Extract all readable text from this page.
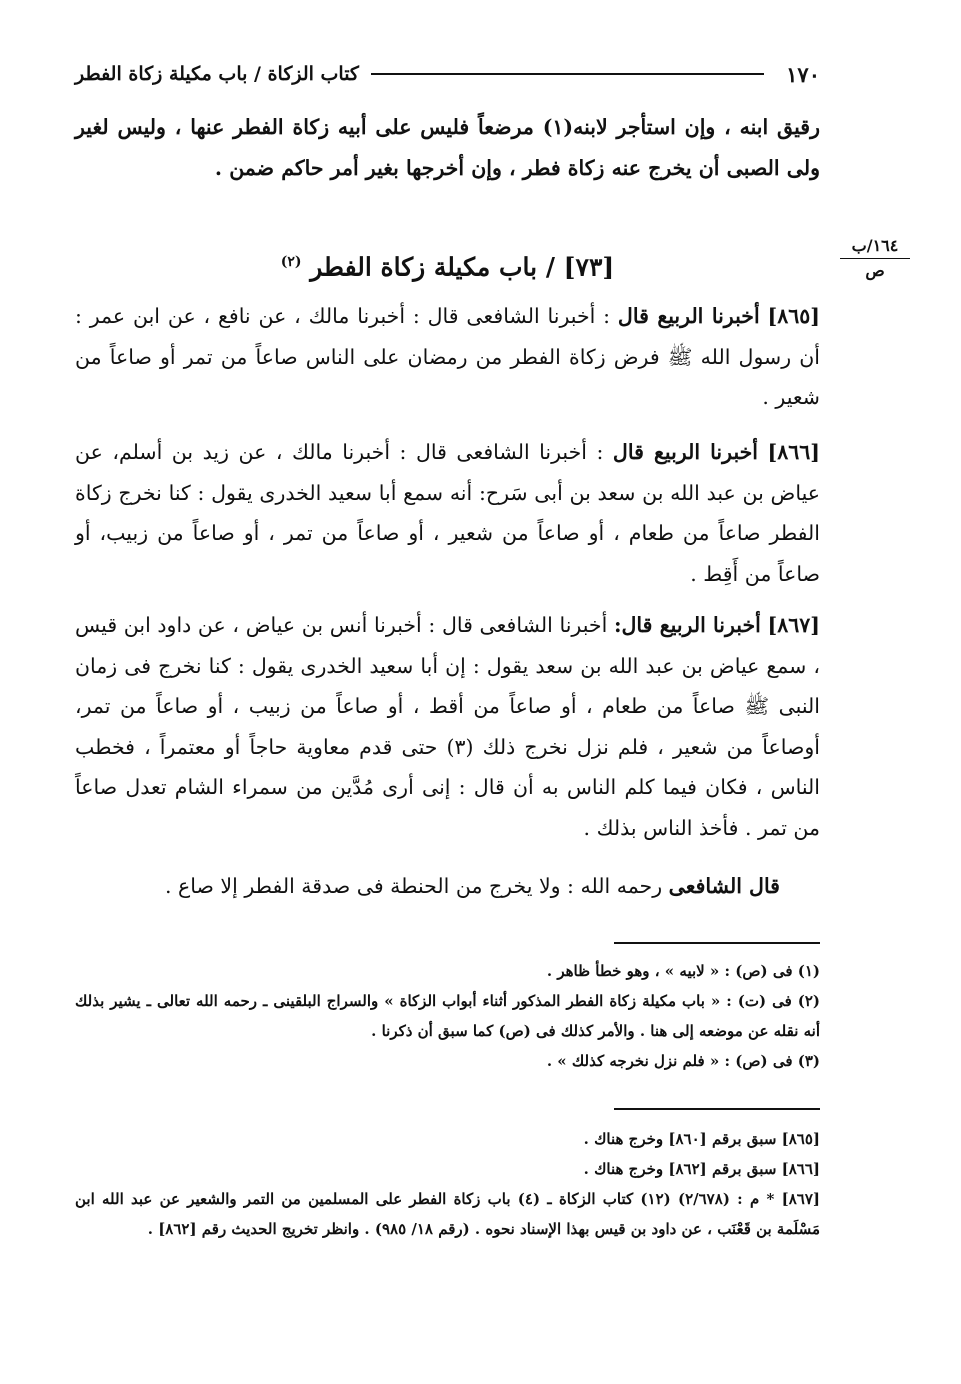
١٧٠
كتاب الزكاة / باب مكيلة زكاة الفطر
رقيق ابنه ، وإن استأجر لابنه(١) مرضعاً فليس على أبيه زكاة الفطر عنها ، وليس لغير ولى الصبى أن يخرج عنه زكاة فطر ، وإن أخرجها بغير أمر حاكم ضمن .
١٦٤/ب
ص
[٧٣] / باب مكيلة زكاة الفطر $^{(٢)}$
[٨٦٥] أخبرنا الربيع قال : أخبرنا الشافعى قال : أخبرنا مالك ، عن نافع ، عن ابن عمر : أن رسول الله ﷺ فرض زكاة الفطر من رمضان على الناس صاعاً من تمر أو صاعاً من شعير .
[٨٦٦] أخبرنا الربيع قال : أخبرنا الشافعى قال : أخبرنا مالك ، عن زيد بن أسلم، عن عياض بن عبد الله بن سعد بن أبى سَرح: أنه سمع أبا سعيد الخدرى يقول : كنا نخرج زكاة الفطر صاعاً من طعام ، أو صاعاً من شعير ، أو صاعاً من تمر ، أو صاعاً من زبيب، أو صاعاً من أَقِط .
[٨٦٧] أخبرنا الربيع قال: أخبرنا الشافعى قال : أخبرنا أنس بن عياض ، عن داود ابن قيس ، سمع عياض بن عبد الله بن سعد يقول : إن أبا سعيد الخدرى يقول : كنا نخرج فى زمان النبى ﷺ صاعاً من طعام ، أو صاعاً من أقط ، أو صاعاً من زبيب ، أو صاعاً من تمر، أوصاعاً من شعير ، فلم نزل نخرج ذلك (٣) حتى قدم معاوية حاجاً أو معتمراً ، فخطب الناس ، فكان فيما كلم الناس به أن قال : إنى أرى مُدَّين من سمراء الشام تعدل صاعاً من تمر . فأخذ الناس بذلك .
قال الشافعى رحمه الله : ولا يخرج من الحنطة فى صدقة الفطر إلا صاع .
(١) فى (ص) : « لابيه » ، وهو خطأ ظاهر .
(٢) فى (ت) : « باب مكيلة زكاة الفطر المذكور أثناء أبواب الزكاة » والسراج البلقينى ـ رحمه الله تعالى ـ يشير بذلك أنه نقله عن موضعه إلى هنا . والأمر كذلك فى (ص) كما سبق أن ذكرنا .
(٣) فى (ص) : « فلم نزل نخرجه كذلك » .
[٨٦٥] سبق برقم [٨٦٠] وخرج هناك .
[٨٦٦] سبق برقم [٨٦٢] وخرج هناك .
[٨٦٧] * م : (٢/٦٧٨) (١٢) كتاب الزكاة ـ (٤) باب زكاة الفطر على المسلمين من التمر والشعير عن عبد الله ابن مَسْلَمة بن قَعْنَب ، عن داود بن قيس بهذا الإسناد نحوه . (رقم ١٨/ ٩٨٥) . وانظر تخريج الحديث رقم [٨٦٢] .
